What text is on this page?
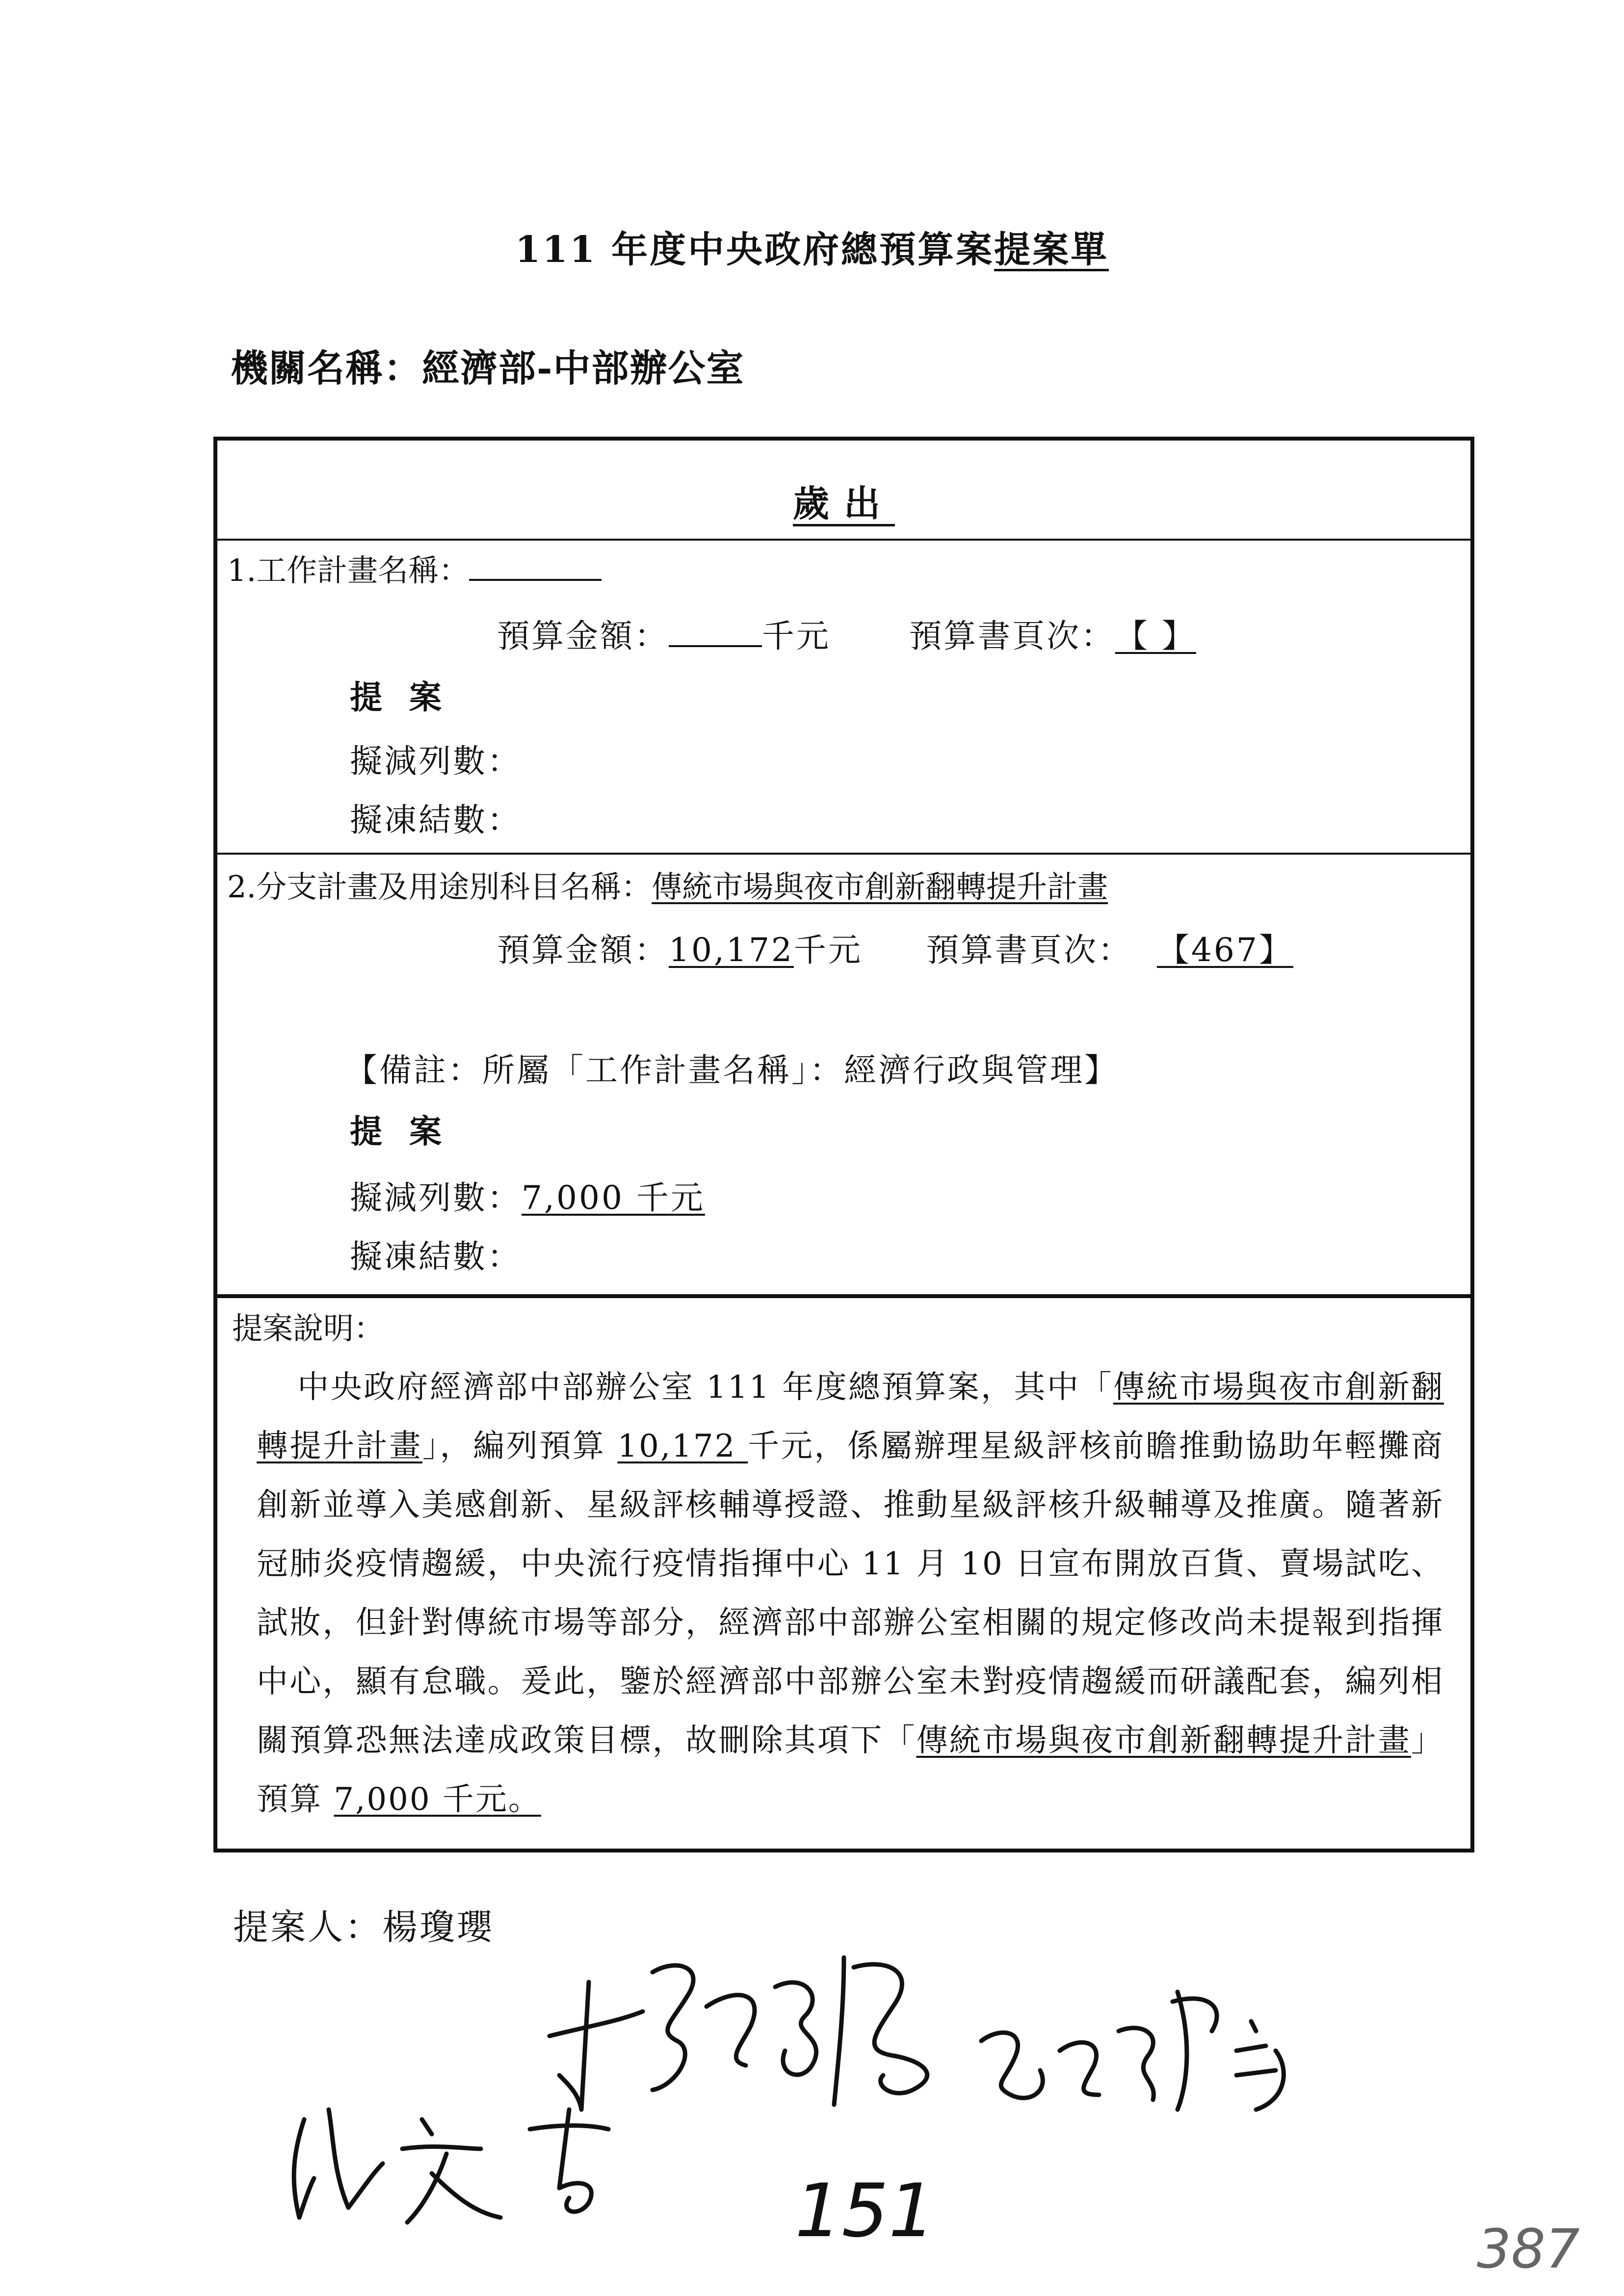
111 年度中央政府總預算案提案單
機關名稱：經濟部-中部辦公室
歲出
1.工作計畫名稱：
預算金額：	千元 預算書頁次：【 】
提 案
擬減列數：
擬凍結數：
2.分支計畫及用途別科目名稱：傳統市場與夜市創新翻轉提升計畫
預算金額：10,172千元 預算書頁次： 【467】
【備註：所屬「工作計畫名稱」：經濟行政與管理】
提 案
擬減列數：7,000 千元
擬凍結數：
提案說明：
中央政府經濟部中部辦公室 111 年度總預算案，其中「傳統市場與夜市創新翻轉提升計畫」，編列預算 10,172 千元，係屬辦理星級評核前瞻推動協助年輕攤商創新並導入美感創新、星級評核輔導授證、推動星級評核升級輔導及推廣。隨著新冠肺炎疫情趨緩，中央流行疫情指揮中心 11 月 10 日宣布開放百貨、賣場試吃、試妝，但針對傳統市場等部分，經濟部中部辦公室相關的規定修改尚未提報到指揮中心，顯有怠職。爰此，鑒於經濟部中部辦公室未對疫情趨緩而研議配套，編列相關預算恐無法達成政策目標，故刪除其項下「傳統市場與夜市創新翻轉提升計畫」預算 7,000 千元。
提案人：楊瓊瓔
151	387
